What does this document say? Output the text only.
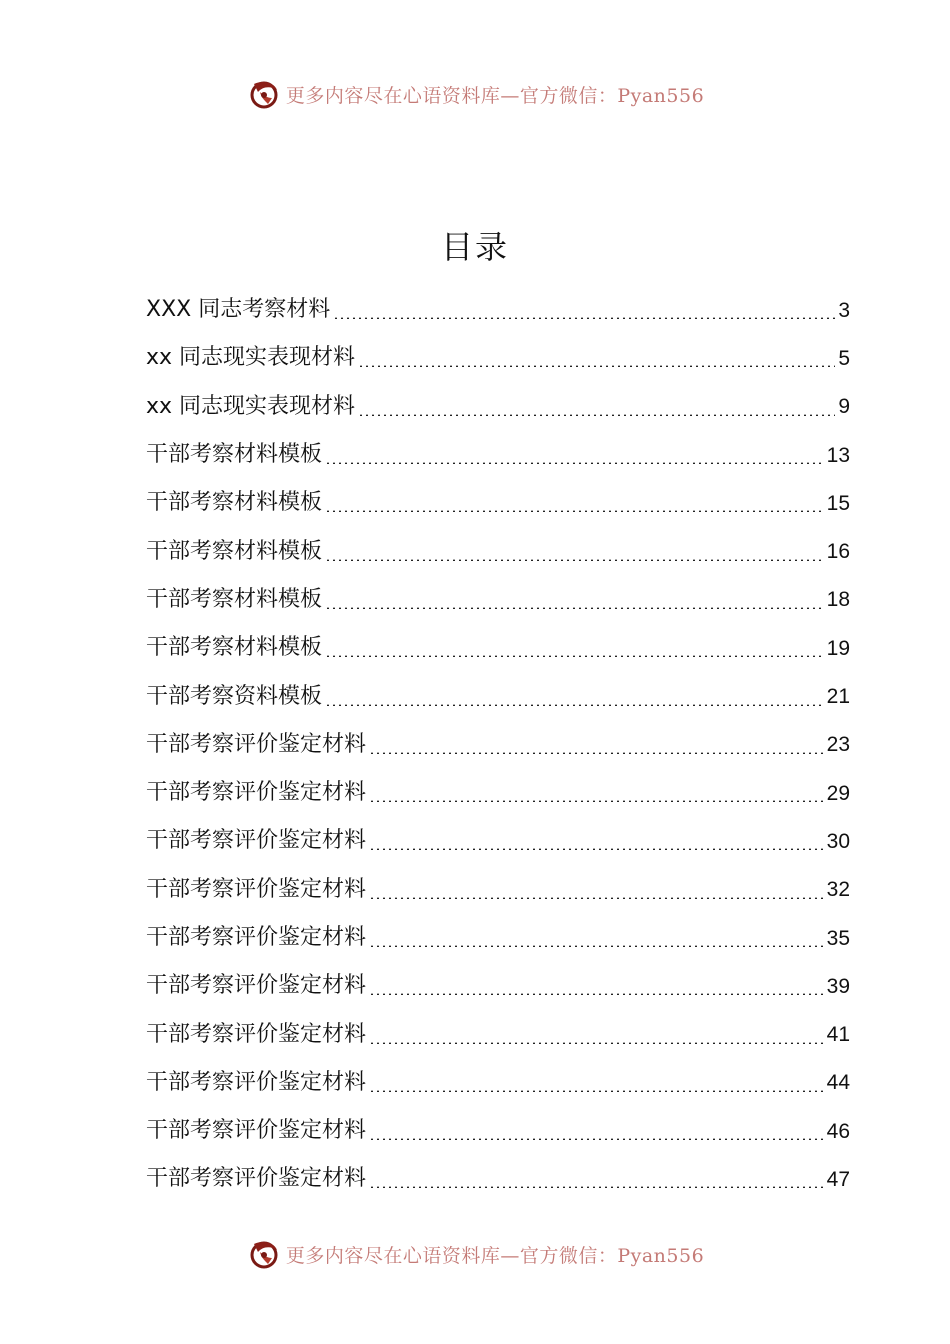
更多内容尽在心语资料库—官方微信：Pyan556
目录
XXX 同志考察材料	3
xx 同志现实表现材料	5
xx 同志现实表现材料	9
干部考察材料模板	13
干部考察材料模板	15
干部考察材料模板	16
干部考察材料模板	18
干部考察材料模板	19
干部考察资料模板	21
干部考察评价鉴定材料	23
干部考察评价鉴定材料	29
干部考察评价鉴定材料	30
干部考察评价鉴定材料	32
干部考察评价鉴定材料	35
干部考察评价鉴定材料	39
干部考察评价鉴定材料	41
干部考察评价鉴定材料	44
干部考察评价鉴定材料	46
干部考察评价鉴定材料	47
更多内容尽在心语资料库—官方微信：Pyan556
